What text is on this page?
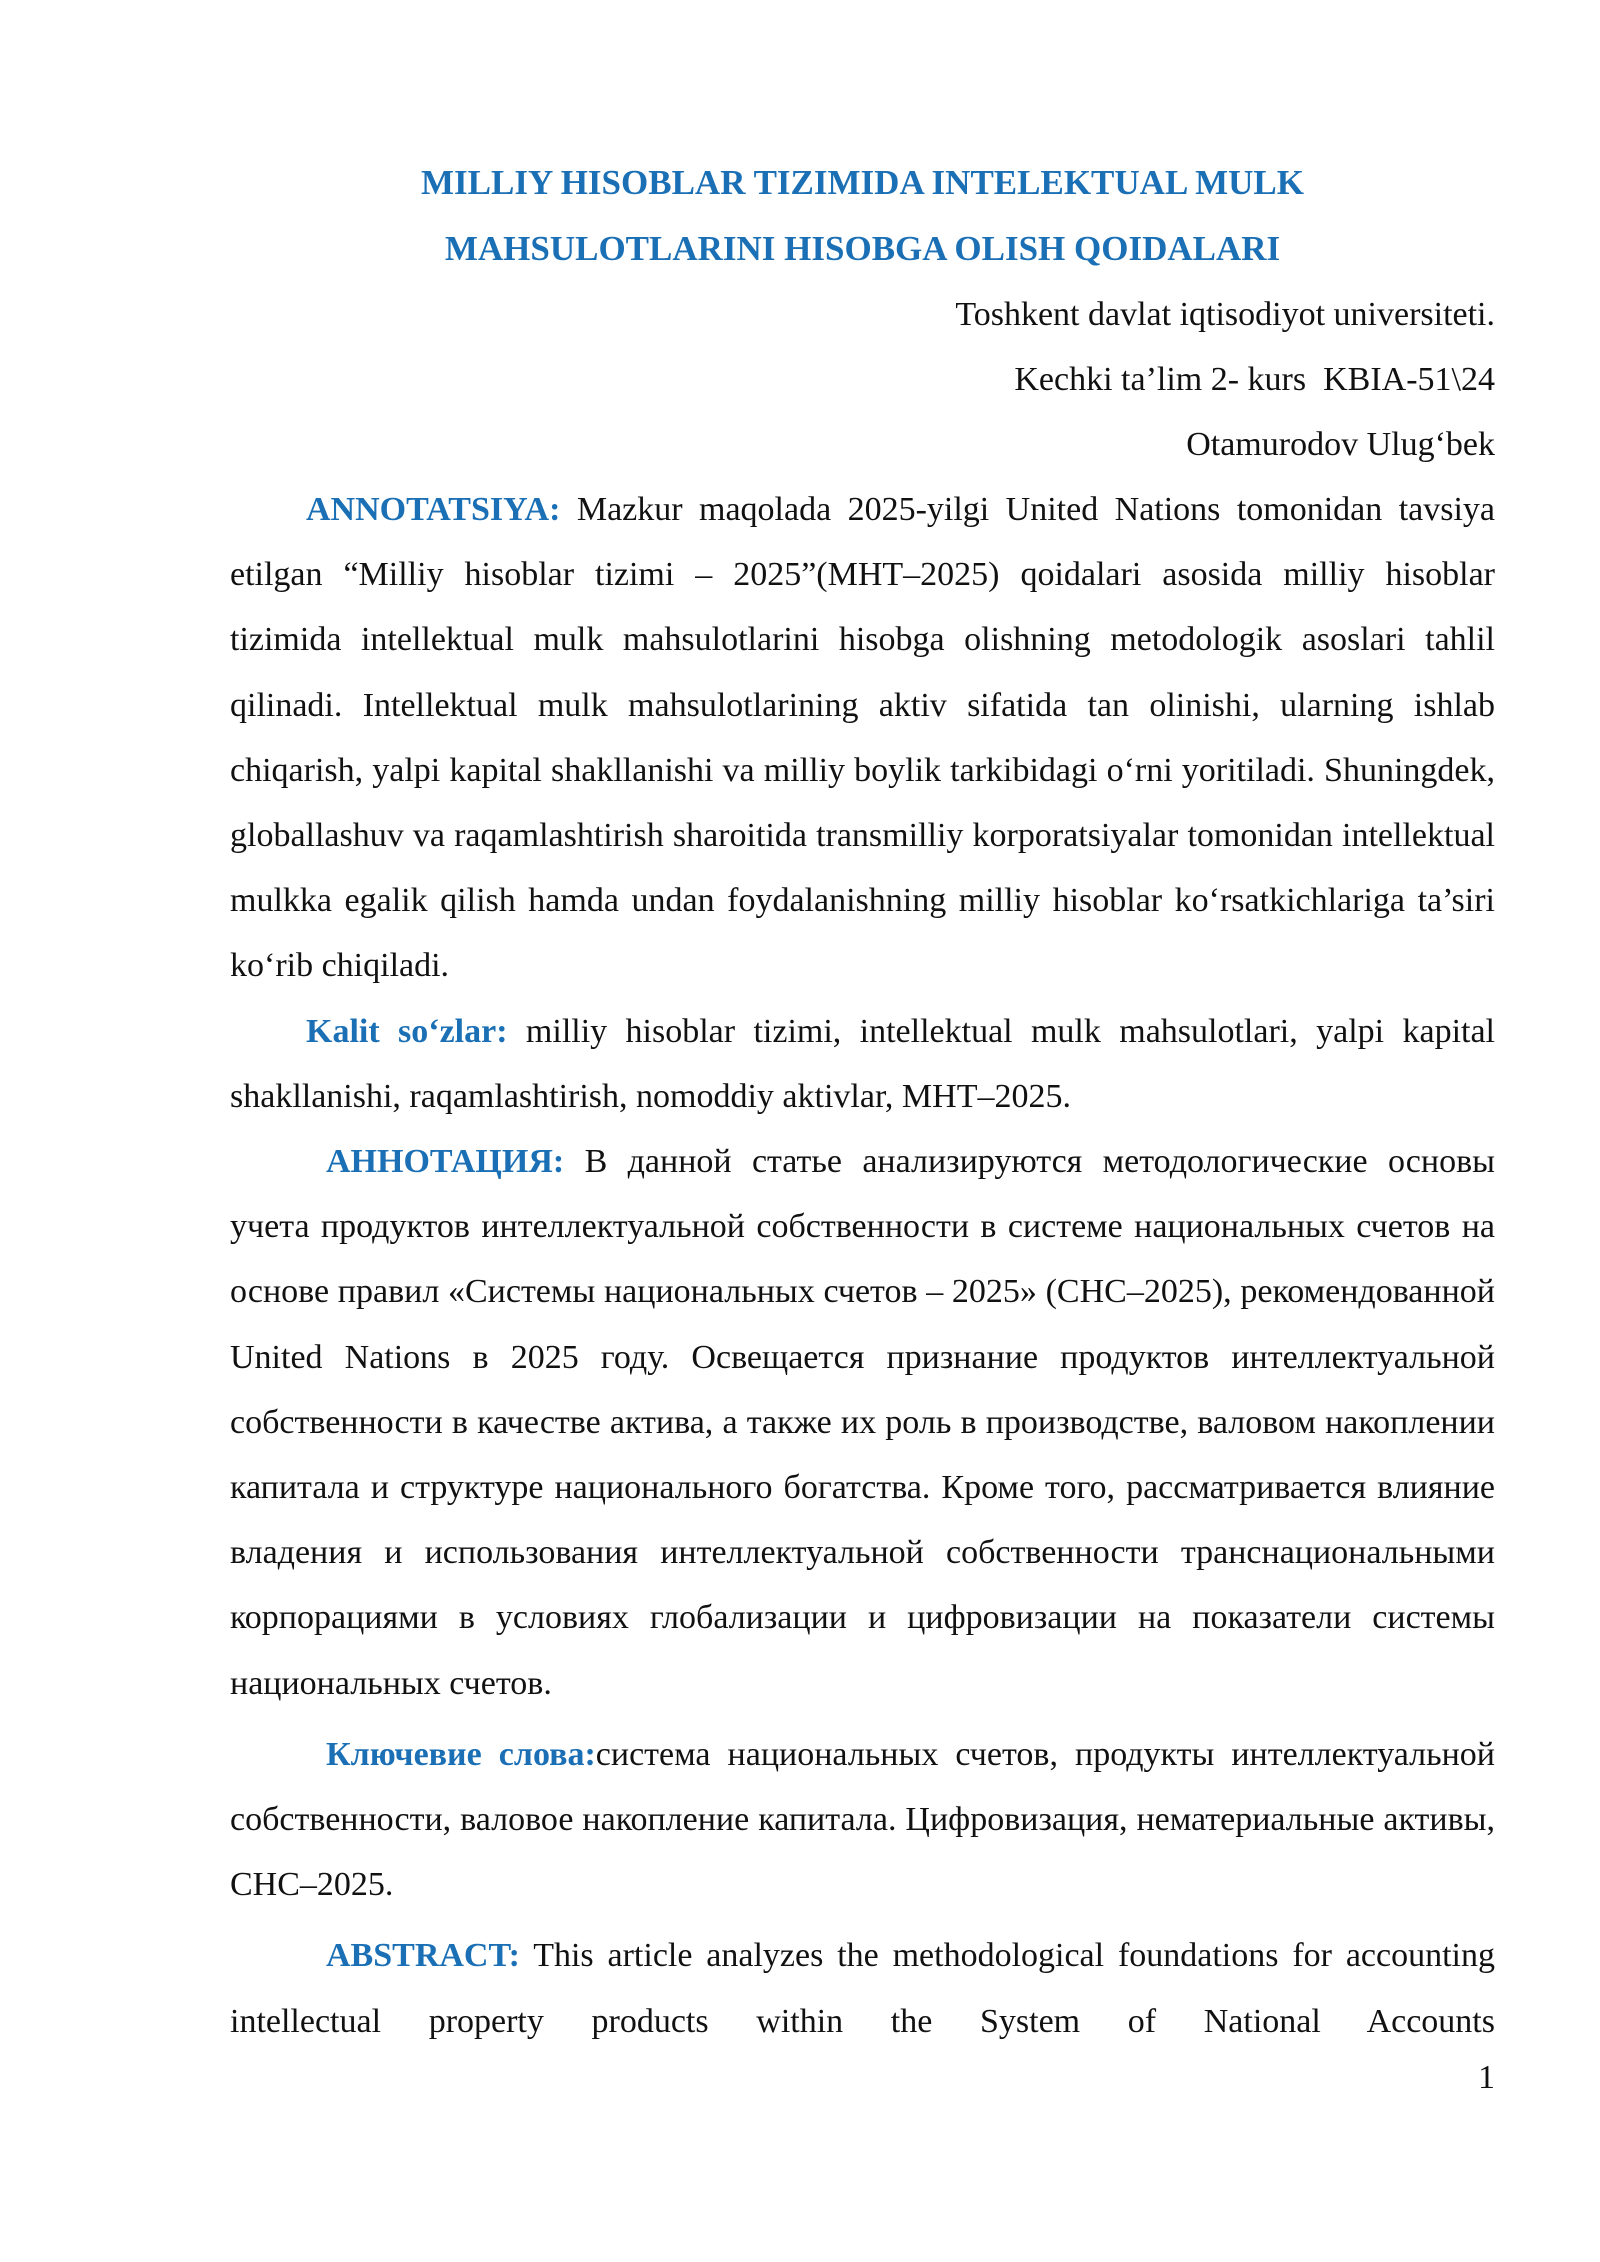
MILLIY HISOBLAR TIZIMIDA INTELEKTUAL MULK

MAHSULOTLARINI HISOBGA OLISH QOIDALARI

Toshkent davlat iqtisodiyot universiteti.

Kechki ta’lim 2- kurs  KBIA-51\24

Otamurodov Ulug‘bek

ANNOTATSIYA: Mazkur maqolada 2025-yilgi United Nations tomonidan tavsiya etilgan “Milliy hisoblar tizimi – 2025”(MHT–2025) qoidalari asosida milliy hisoblar tizimida intellektual mulk mahsulotlarini hisobga olishning metodologik asoslari tahlil qilinadi. Intellektual mulk mahsulotlarining aktiv sifatida tan olinishi, ularning ishlab chiqarish, yalpi kapital shakllanishi va milliy boylik tarkibidagi o‘rni yoritiladi. Shuningdek, globallashuv va raqamlashtirish sharoitida transmilliy korporatsiyalar tomonidan intellektual mulkka egalik qilish hamda undan foydalanishning milliy hisoblar ko‘rsatkichlariga ta’siri ko‘rib chiqiladi.

Kalit so‘zlar: milliy hisoblar tizimi, intellektual mulk mahsulotlari, yalpi kapital shakllanishi, raqamlashtirish, nomoddiy aktivlar, MHT–2025.

АННОТАЦИЯ: В данной статье анализируются методологические основы учета продуктов интеллектуальной собственности в системе национальных счетов на основе правил «Системы национальных счетов – 2025» (СНС–2025), рекомендованной United Nations в 2025 году. Освещается признание продуктов интеллектуальной собственности в качестве актива, а также их роль в производстве, валовом накоплении капитала и структуре национального богатства. Кроме того, рассматривается влияние владения и использования интеллектуальной собственности транснациональными корпорациями в условиях глобализации и цифровизации на показатели системы национальных счетов.

Ключевие слова:система национальных счетов, продукты интеллектуальной собственности, валовое накопление капитала. Цифровизация, нематериальные активы, СНС–2025.

ABSTRACT: This article analyzes the methodological foundations for accounting intellectual property products within the System of National Accounts

1
